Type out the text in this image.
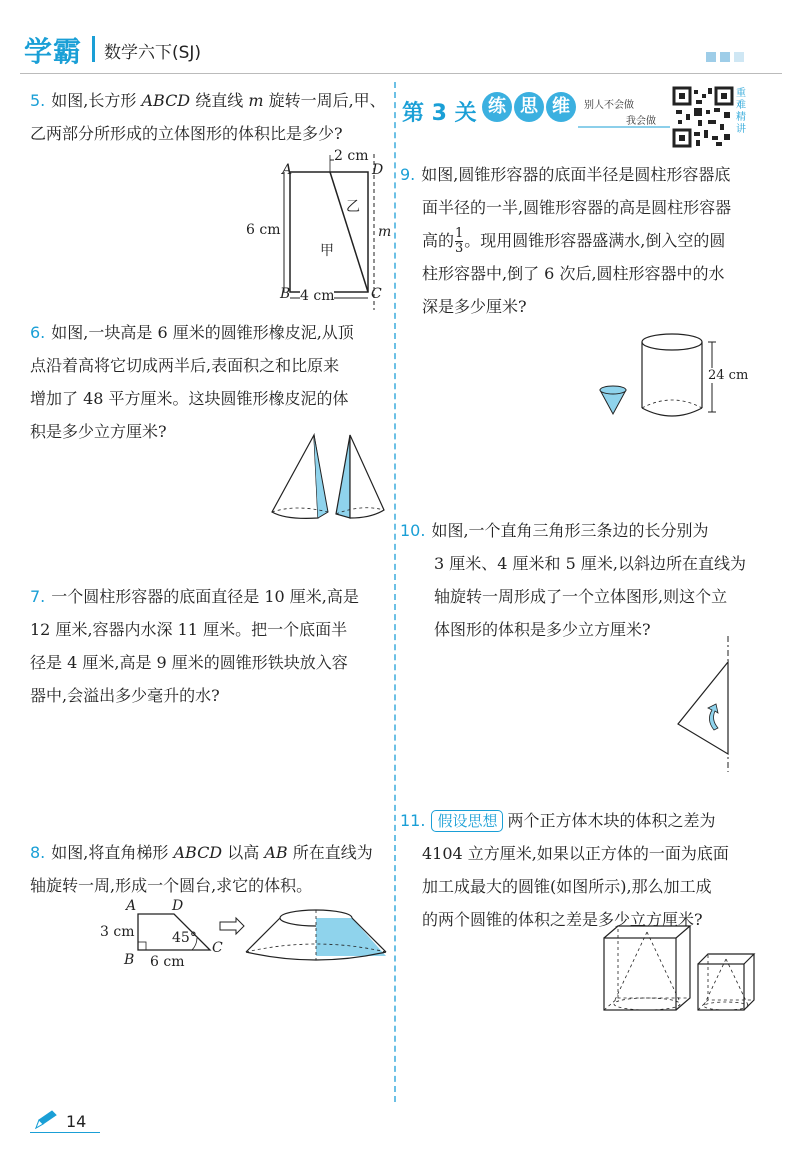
学霸 数学六下(SJ)
5. 如图,长方形 ABCD 绕直线 m 旋转一周后,甲、
乙两部分所形成的立体图形的体积比是多少?
A	D
B	C
2 cm
6 cm
4 cm
甲
乙
m
6. 如图,一块高是 6 厘米的圆锥形橡皮泥,从顶
点沿着高将它切成两半后,表面积之和比原来
增加了 48 平方厘米。这块圆锥形橡皮泥的体
积是多少立方厘米?
7. 一个圆柱形容器的底面直径是 10 厘米,高是
12 厘米,容器内水深 11 厘米。把一个底面半
径是 4 厘米,高是 9 厘米的圆锥形铁块放入容
器中,会溢出多少毫升的水?
8. 如图,将直角梯形 ABCD 以高 AB 所在直线为
轴旋转一周,形成一个圆台,求它的体积。
A	D
B
C
3 cm
6 cm
45°
第 3 关 练 思 维	别人不会做
我会做
重难精讲
9. 如图,圆锥形容器的底面半径是圆柱形容器底
面半径的一半,圆锥形容器的高是圆柱形容器
高的 $\frac{1}{3}$ 。现用圆锥形容器盛满水,倒入空的圆
柱形容器中,倒了 6 次后,圆柱形容器中的水
深是多少厘米?
24 cm
10. 如图,一个直角三角形三条边的长分别为
3 厘米、4 厘米和 5 厘米,以斜边所在直线为
轴旋转一周形成了一个立体图形,则这个立
体图形的体积是多少立方厘米?
11. 假设思想 两个正方体木块的体积之差为
4104 立方厘米,如果以正方体的一面为底面
加工成最大的圆锥(如图所示),那么加工成
的两个圆锥的体积之差是多少立方厘米?
14
